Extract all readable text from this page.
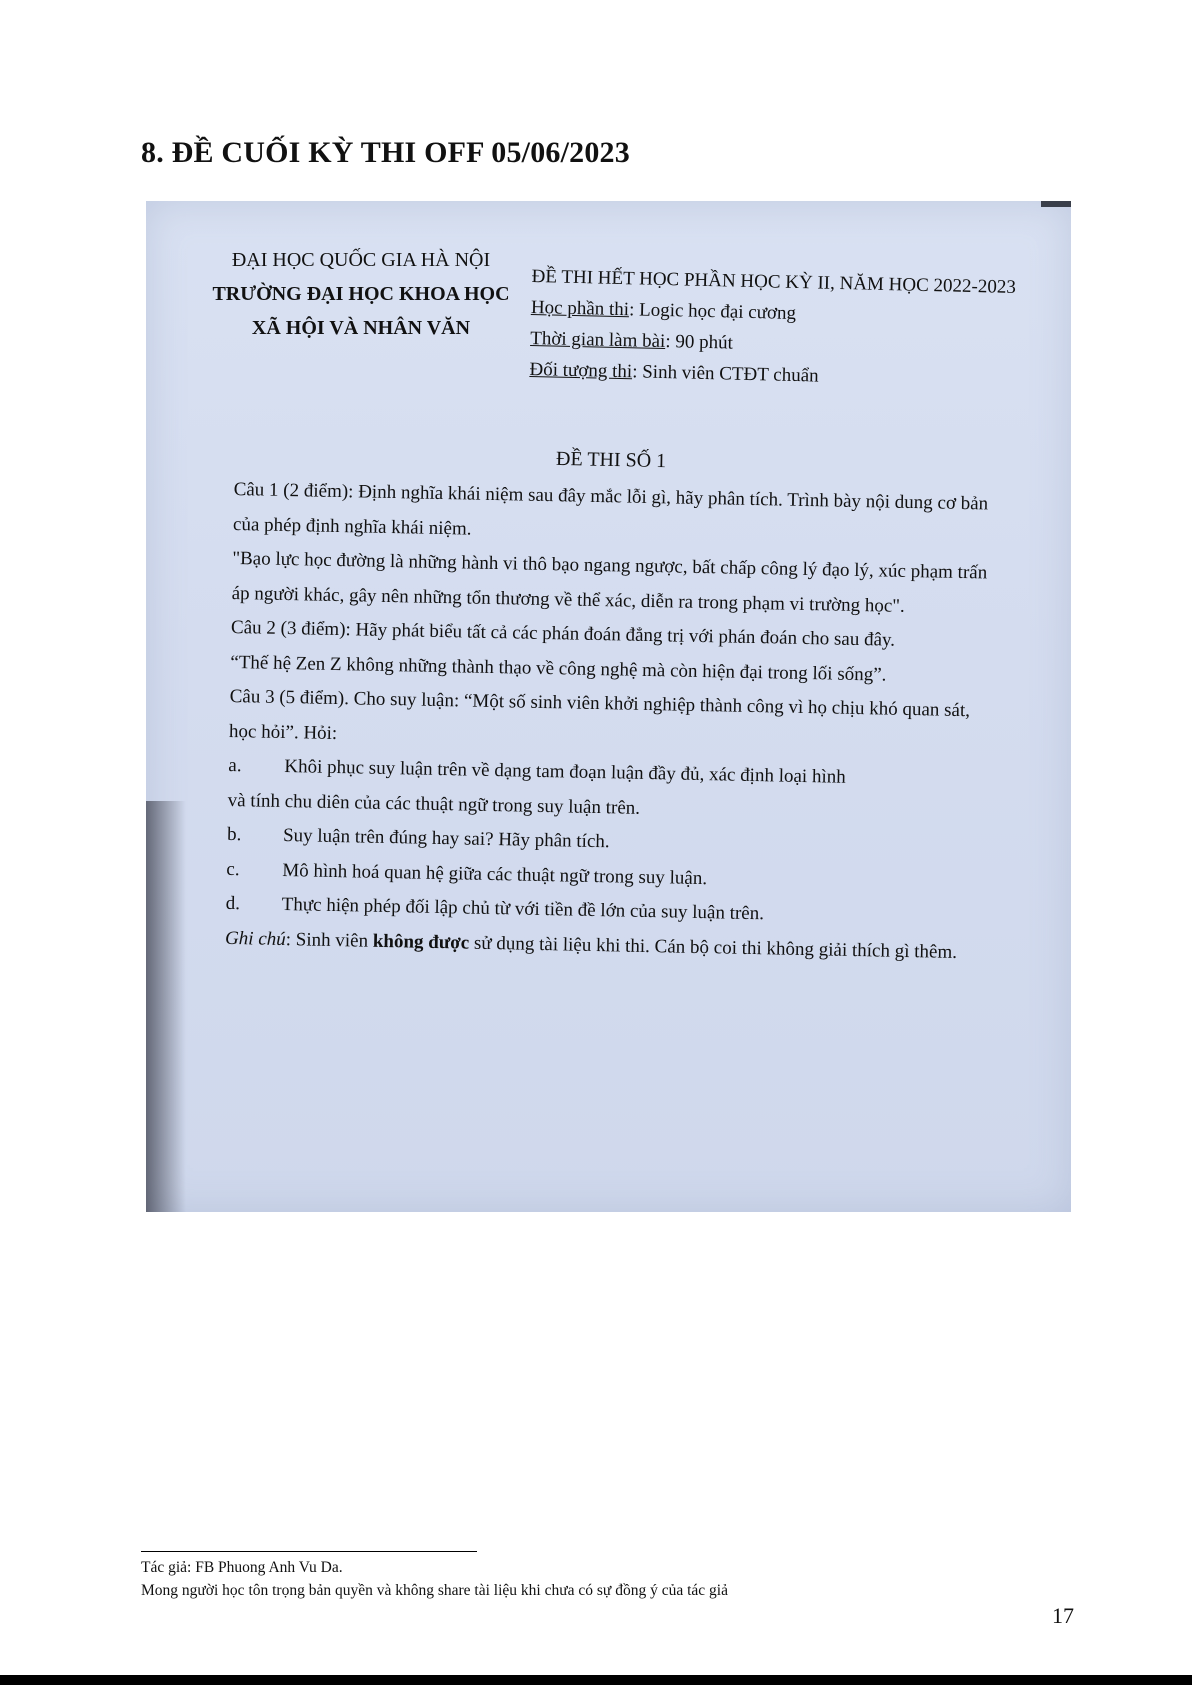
8. ĐỀ CUỐI KỲ THI OFF 05/06/2023
ĐẠI HỌC QUỐC GIA HÀ NỘI
TRƯỜNG ĐẠI HỌC KHOA HỌC
XÃ HỘI VÀ NHÂN VĂN
ĐỀ THI HẾT HỌC PHẦN HỌC KỲ II, NĂM HỌC 2022-2023
Học phần thi: Logic học đại cương
Thời gian làm bài: 90 phút
Đối tượng thi: Sinh viên CTĐT chuẩn
ĐỀ THI SỐ 1

Câu 1 (2 điểm): Định nghĩa khái niệm sau đây mắc lỗi gì, hãy phân tích. Trình bày nội dung cơ bản của phép định nghĩa khái niệm.

"Bạo lực học đường là những hành vi thô bạo ngang ngược, bất chấp công lý đạo lý, xúc phạm trấn áp người khác, gây nên những tổn thương về thể xác, diễn ra trong phạm vi trường học".

Câu 2 (3 điểm): Hãy phát biểu tất cả các phán đoán đẳng trị với phán đoán cho sau đây.

“Thế hệ Zen Z không những thành thạo về công nghệ mà còn hiện đại trong lối sống”.

Câu 3 (5 điểm). Cho suy luận: “Một số sinh viên khởi nghiệp thành công vì họ chịu khó quan sát, học hỏi”. Hỏi:

a.	Khôi phục suy luận trên về dạng tam đoạn luận đầy đủ, xác định loại hình
và tính chu diên của các thuật ngữ trong suy luận trên.
b.	Suy luận trên đúng hay sai? Hãy phân tích.
c.	Mô hình hoá quan hệ giữa các thuật ngữ trong suy luận.
d.	Thực hiện phép đối lập chủ từ với tiền đề lớn của suy luận trên.

Ghi chú: Sinh viên không được sử dụng tài liệu khi thi. Cán bộ coi thi không giải thích gì thêm.

Tác giả: FB Phuong Anh Vu Da.
Mong người học tôn trọng bản quyền và không share tài liệu khi chưa có sự đồng ý của tác giả
17
